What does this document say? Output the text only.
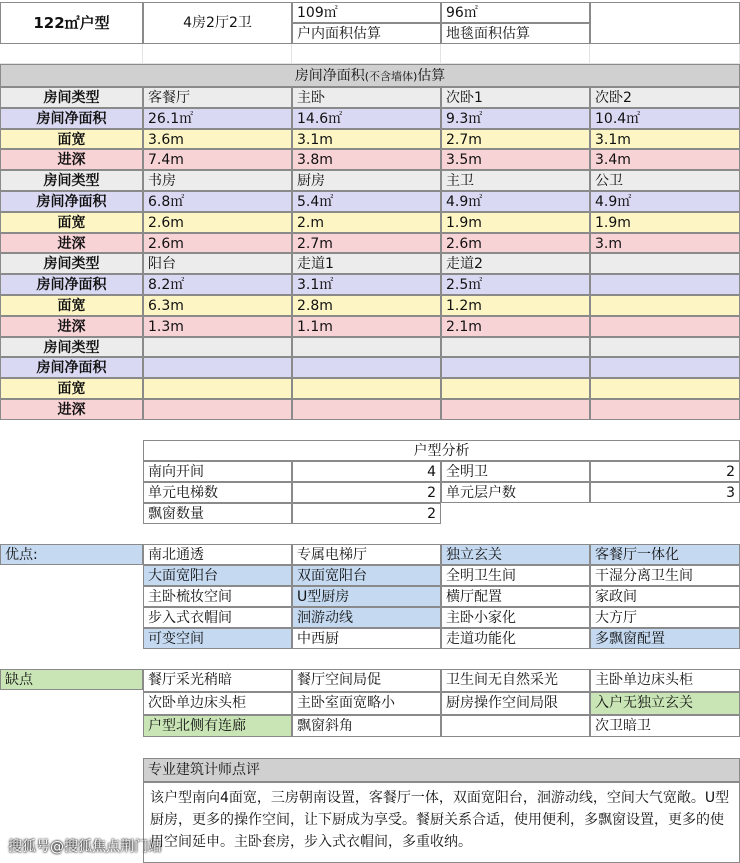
122㎡户型	4房2厅2卫
109㎡
户内面积估算
96㎡
地毯面积估算
房间净面积(不含墙体)估算
房间类型	客餐厅	主卧	次卧1	次卧2
房间净面积	26.1㎡	14.6㎡	9.3㎡	10.4㎡
面宽	3.6m	3.1m	2.7m	3.1m
进深	7.4m	3.8m	3.5m	3.4m
房间类型	书房	厨房	主卫	公卫
房间净面积	6.8㎡	5.4㎡	4.9㎡	4.9㎡
面宽	2.6m	2.m	1.9m	1.9m
进深	2.6m	2.7m	2.6m	3.m
房间类型	阳台	走道1	走道2
房间净面积	8.2㎡	3.1㎡	2.5㎡
面宽	6.3m	2.8m	1.2m
进深	1.3m	1.1m	2.1m
房间类型
房间净面积
面宽
进深
户型分析
南向开间	4 全明卫	2
单元电梯数	2 单元层户数	3
飘窗数量	2
优点:	南北通透	专属电梯厅	独立玄关	客餐厅一体化
大面宽阳台	双面宽阳台	全明卫生间	干湿分离卫生间
主卧梳妆空间	U型厨房	横厅配置	家政间
步入式衣帽间	洄游动线	主卧小家化	大方厅
可变空间	中西厨	走道功能化	多飘窗配置
缺点	餐厅采光稍暗	餐厅空间局促	卫生间无自然采光	主卧单边床头柜
次卧单边床头柜	主卧室面宽略小	厨房操作空间局限	入户无独立玄关
户型北侧有连廊	飘窗斜角	次卫暗卫
专业建筑计师点评
该户型南向4面宽，三房朝南设置，客餐厅一体，双面宽阳台，洄游动线，空间大气宽敞。U型厨房，更多的操作空间，让下厨成为享受。餐厨关系合适，使用便利，多飘窗设置，更多的使用空间延申。主卧套房，步入式衣帽间，多重收纳。
搜狐号@搜狐焦点荆门站
